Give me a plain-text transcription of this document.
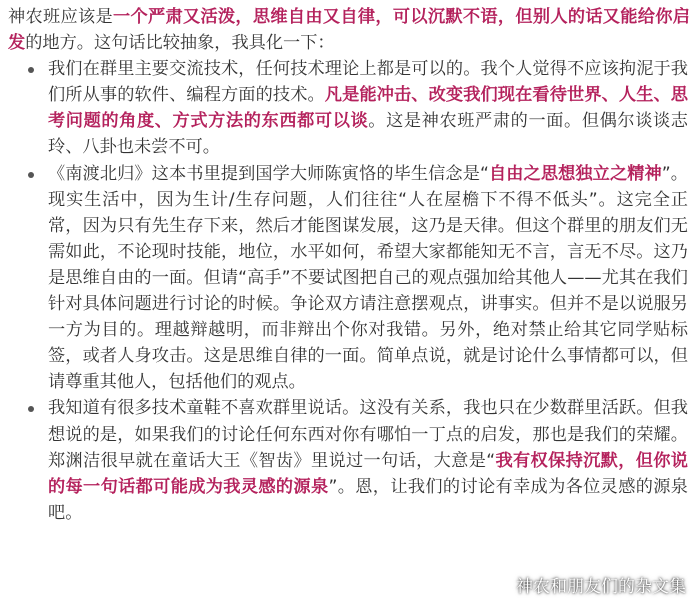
神农班应该是一个严肃又活泼，思维自由又自律，可以沉默不语，但别人的话又能给你启发的地方。这句话比较抽象，我具化一下：

我们在群里主要交流技术，任何技术理论上都是可以的。我个人觉得不应该拘泥于我们所从事的软件、编程方面的技术。凡是能冲击、改变我们现在看待世界、人生、思考问题的角度、方式方法的东西都可以谈。这是神农班严肃的一面。但偶尔谈谈志玲、八卦也未尝不可。
《南渡北归》这本书里提到国学大师陈寅恪的毕生信念是“自由之思想独立之精神”。现实生活中，因为生计/生存问题，人们往往“人在屋檐下不得不低头”。这完全正常，因为只有先生存下来，然后才能图谋发展，这乃是天律。但这个群里的朋友们无需如此，不论现时技能，地位，水平如何，希望大家都能知无不言，言无不尽。这乃是思维自由的一面。但请“高手”不要试图把自己的观点强加给其他人——尤其在我们针对具体问题进行讨论的时候。争论双方请注意摆观点，讲事实。但并不是以说服另一方为目的。理越辩越明，而非辩出个你对我错。另外，绝对禁止给其它同学贴标签，或者人身攻击。这是思维自律的一面。简单点说，就是讨论什么事情都可以，但请尊重其他人，包括他们的观点。
我知道有很多技术童鞋不喜欢群里说话。这没有关系，我也只在少数群里活跃。但我想说的是，如果我们的讨论任何东西对你有哪怕一丁点的启发，那也是我们的荣耀。郑渊洁很早就在童话大王《智齿》里说过一句话，大意是“我有权保持沉默，但你说的每一句话都可能成为我灵感的源泉”。恩，让我们的讨论有幸成为各位灵感的源泉吧。
神农和朋友们的杂文集
